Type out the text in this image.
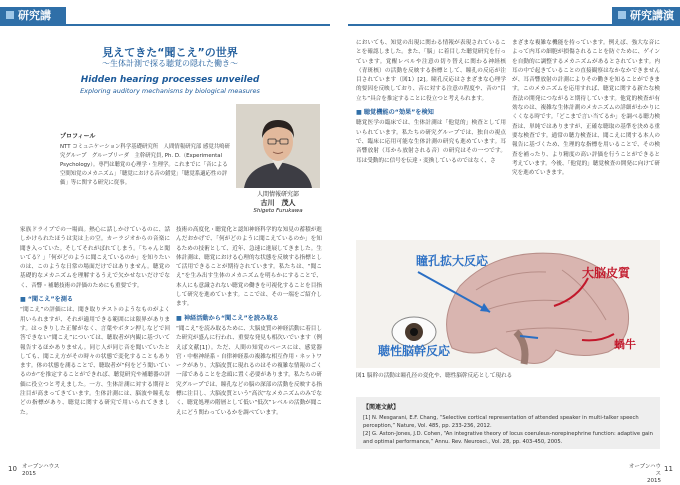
研究講演
研究講演
見えてきた“聞こえ”の世界
〜生体計測で探る聴覚の隠れた働き〜
Hidden hearing processes unveiled
Exploring auditory mechanisms by biological measures
プロフィール
NTT コミュニケーション科学基礎研究所　人間情報研究部 感覚共鳴研究グループ　グループリーダ　主幹研究員, Ph. D.（Experimental Psychology）。専門は聴覚の心理学・生理学。これまでに「音による空間知覚のメカニズム」「聴覚における音の錯覚」「聴覚系適応性の評価」等に関する研究に従事。
人間情報研究部
古川　茂人
Shigeto Furukawa
家族ドライブでの一場面。熱心に話しかけているのに、話しかけられたほうは実は上の空。カーラジオからの音楽に聞き入っていた。そしてそれがばれてしまう。「ちゃんと聞いてる？」「何がどのように聞こえているのか」を知りたいのは、このような日常の場面だけではありません。聴覚の基礎的なメカニズムを理解するうえで欠かせないだけでなく、音響・補聴技術の評価のためにも重要です。
■ “聞こえ”を測る
“聞こえ”の評価には、聞き取りテストのようなものがよく用いられますが、それが適用できる範囲には限界があります。はっきりした正解がなく、言葉やボタン押しなどで回答できない“聞こえ”については、聴取者が内観に基づいて報告するほかありません。同じ人が同じ音を聞いていたとしても、聞こえ方がその時々の状態で変化することもあります。体の状態を測ることで、聴取者が“何をどう聞いているのか”を推定することができれば、聴覚研究や補聴器の評価に役立つと考えました。一方、生体計測に対する期待と注目が高まってきています。生体計測には、脳波や瞳孔などの指標があり、聴覚に関する研究で用いられてきました。
技術の高度化・聴覚化と認知神経科学的な知見の蓄積が進んだおかげで、「何がどのように聞こえているのか」を知るための技術として、近年、急速に進展してきました。生体計測は、聴覚における心理的な状態を反映する指標として活用できることが期待されています。私たちは、“聞こえ”を生み出す生体のメカニズムを明らかにすることで、本人にも意識されない聴覚の働きを可視化することを目指して研究を進めています。ここでは、その一端をご紹介します。
■ 神経活動から“聞こえ”を読み取る
“聞こえ”を読み取るために、大脳皮質の神経活動に着目した研究が盛んに行われ、重要な発見も相次いでいます（例えば文献[1]）。ただ、人間の知覚のベースには、感覚器官・中枢神経系・自律神経系の複雑な相互作用・ネットワークがあり、大脳皮質に現れるのはその複雑な情報のごく一部であることを念頭に置く必要があります。私たちの研究グループでは、瞳孔などの脳の深部の活動を反映する指標に注目し、大脳皮質という“高次”なメカニズムのみでなく、聴覚処理の階層として低い“低次”レベルの活動が聞こえにどう関わっているかを調べています。
においても、知覚の出現に関わる情報が表現されていることを確認しました。また、「脳」に着目した聴覚研究を行っています。覚醒レベルや注意の切り替えに関わる神経核（青斑核）の活動を反映する指標として、瞳孔の反応が注目されています（図1）[2]。瞳孔反応はさまざまな心理学的要因を反映しており、音に対する注意の程度や、音の“目立ち”具合を推定することに役立つと考えられます。
■ 聴覚機能の“効果”を検知
聴覚医学の臨床では、生体計測は「他覚的」検査として用いられています。私たちの研究グループでは、独自の視点で、臨床に応用可能な生体計測の研究も進めています。耳音響放射（耳から放射される音）の研究はその一つです。耳は受動的に信号を伝達・変換しているのではなく、さ
まざまな複雑な機能を持っています。例えば、強大な音によって内耳の細胞が損傷されることを防ぐために、ゲインを自動的に調整するメカニズムがあるとされています。内耳の中で起きていることの直接観察はなかなかできませんが、耳音響放射の計測によりその働きを知ることができます。このメカニズムを応用すれば、聴覚に関する新たな検査法の開発につながると期待しています。他覚的検査が有効なのは、複雑な生体計測のメカニズムの詳細がわかりにくくなる時です。「どこまで言い当てるか」を調べる聴力検査は、単純ではありますが、正確な聴取の基準を決める重要な検査です。通常の聴力検査は、聞こえに関する本人の報告に基づくため、生理的な指標を用いることで、その検査を補ったり、より精度の高い評価を行うことができると考えています。今後、「他覚的」聴覚検査の開発に向けて研究を進めていきます。
瞳孔拡大反応
大脳皮質
聴性脳幹反応	蝸牛
図1 脳幹の活動は瞳孔径の変化や、聴性脳幹反応として現れる
【関連文献】
[1] N. Mesgarani, E.F. Chang, “Selective cortical representation of attended speaker in multi-talker speech perception,” Nature, Vol. 485, pp. 233-236, 2012.
[2] G. Aston-Jones, J.D. Cohen, “An integrative theory of locus coeruleus-norepinephrine function: adaptive gain and optimal performance,” Annu. Rev. Neurosci., Vol. 28, pp. 403-450, 2005.
10 オープンハウス
2015
オープンハウス
2015
11
